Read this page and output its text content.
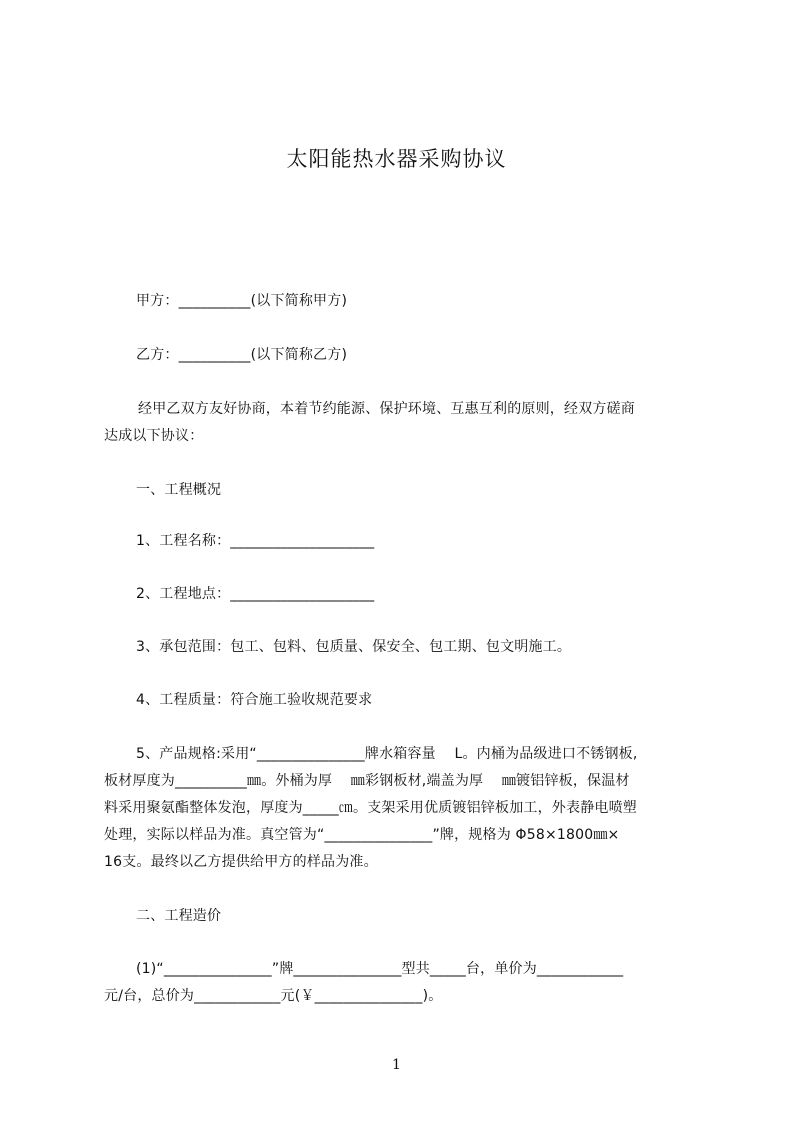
太阳能热水器采购协议
甲方：__________(以下简称甲方)
乙方：__________(以下简称乙方)
经甲乙双方友好协商，本着节约能源、保护环境、互惠互利的原则，经双方磋商
达成以下协议：
一、工程概况
1、工程名称：____________________
2、工程地点：____________________
3、承包范围：包工、包料、包质量、保安全、包工期、包文明施工。
4、工程质量：符合施工验收规范要求
5、产品规格:采用“_______________牌水箱容量    L。内桶为品级进口不锈钢板,
板材厚度为__________㎜。外桶为厚    ㎜彩钢板材,端盖为厚    ㎜镀铝锌板，保温材
料采用聚氨酯整体发泡，厚度为_____㎝。支架采用优质镀铝锌板加工，外表静电喷塑
处理，实际以样品为准。真空管为“_______________”牌，规格为 Φ58×1800㎜×
16支。最终以乙方提供给甲方的样品为准。
二、工程造价
(1)“_______________”牌_______________型共_____台，单价为____________
元/台，总价为____________元(￥_______________)。
1
